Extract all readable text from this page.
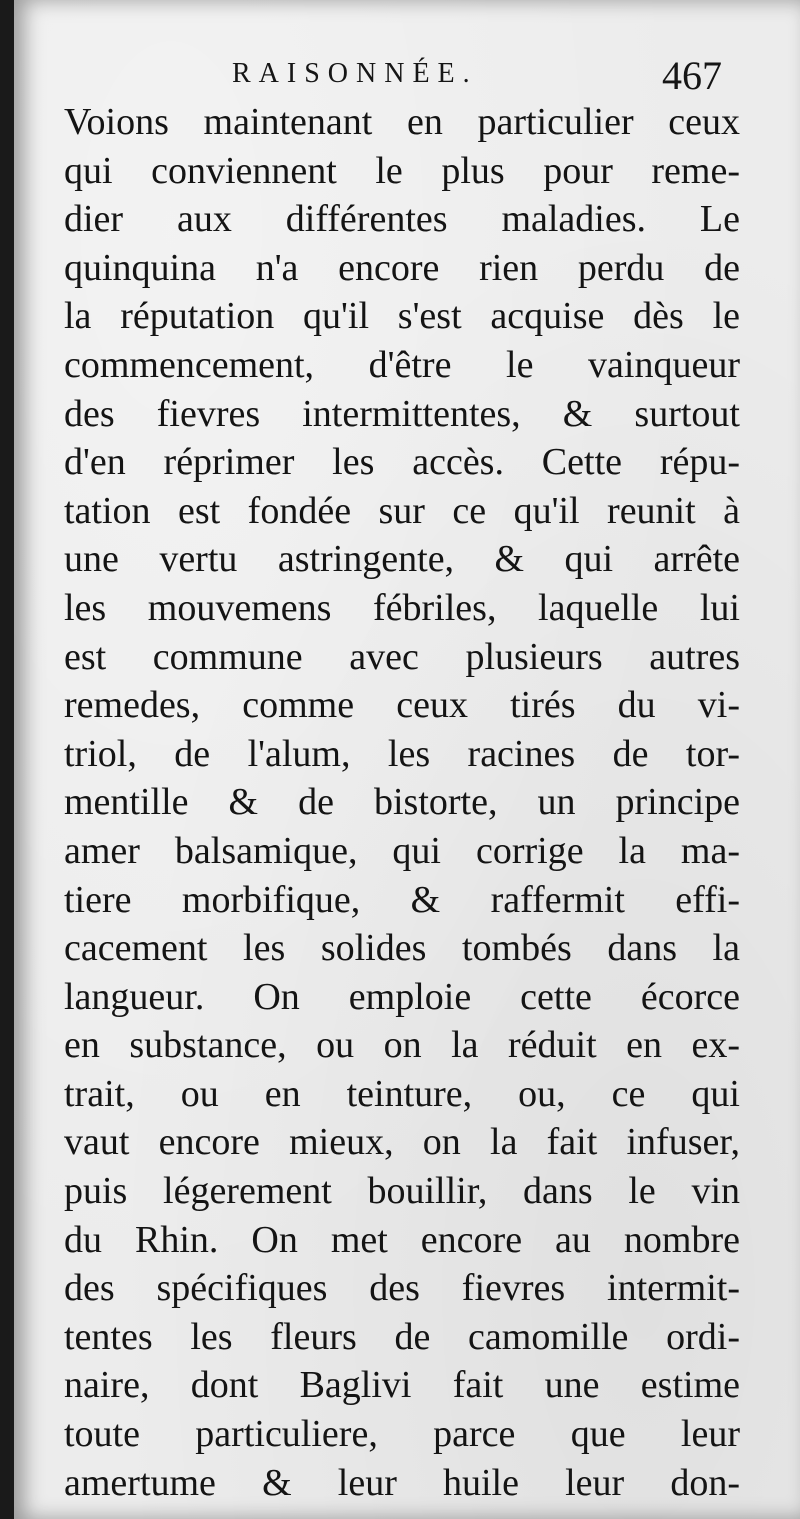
RAISONNÉE.	467
Voions maintenant en particulier ceux
qui conviennent le plus pour reme-
dier aux différentes maladies. Le
quinquina n'a encore rien perdu de
la réputation qu'il s'est acquise dès le
commencement, d'être le vainqueur
des fievres intermittentes, & surtout
d'en réprimer les accès. Cette répu-
tation est fondée sur ce qu'il reunit à
une vertu astringente, & qui arrête
les mouvemens fébriles, laquelle lui
est commune avec plusieurs autres
remedes, comme ceux tirés du vi-
triol, de l'alum, les racines de tor-
mentille & de bistorte, un principe
amer balsamique, qui corrige la ma-
tiere morbifique, & raffermit effi-
cacement les solides tombés dans la
langueur. On emploie cette écorce
en substance, ou on la réduit en ex-
trait, ou en teinture, ou, ce qui
vaut encore mieux, on la fait infuser,
puis légerement bouillir, dans le vin
du Rhin. On met encore au nombre
des spécifiques des fievres intermit-
tentes les fleurs de camomille ordi-
naire, dont Baglivi fait une estime
toute particuliere, parce que leur
amertume & leur huile leur don-
